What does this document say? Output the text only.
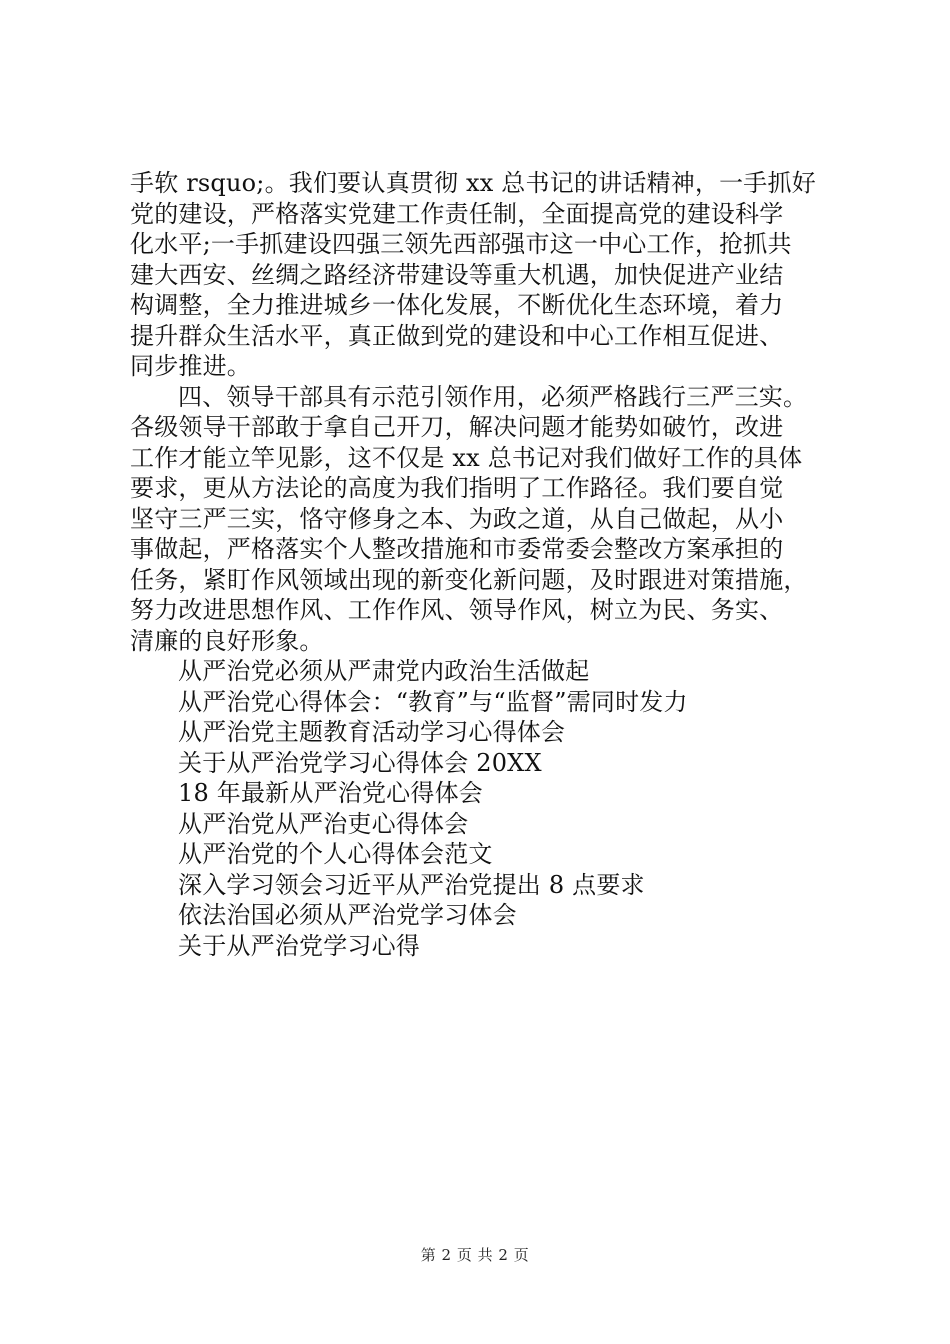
手软 rsquo;。我们要认真贯彻 xx 总书记的讲话精神，一手抓好
党的建设，严格落实党建工作责任制，全面提高党的建设科学
化水平;一手抓建设四强三领先西部强市这一中心工作，抢抓共
建大西安、丝绸之路经济带建设等重大机遇，加快促进产业结
构调整，全力推进城乡一体化发展，不断优化生态环境，着力
提升群众生活水平，真正做到党的建设和中心工作相互促进、
同步推进。
四、领导干部具有示范引领作用，必须严格践行三严三实。
各级领导干部敢于拿自己开刀，解决问题才能势如破竹，改进
工作才能立竿见影，这不仅是 xx 总书记对我们做好工作的具体
要求，更从方法论的高度为我们指明了工作路径。我们要自觉
坚守三严三实，恪守修身之本、为政之道，从自己做起，从小
事做起，严格落实个人整改措施和市委常委会整改方案承担的
任务，紧盯作风领域出现的新变化新问题，及时跟进对策措施，
努力改进思想作风、工作作风、领导作风，树立为民、务实、
清廉的良好形象。
从严治党必须从严肃党内政治生活做起
从严治党心得体会：“教育”与“监督”需同时发力
从严治党主题教育活动学习心得体会
关于从严治党学习心得体会 20XX
18 年最新从严治党心得体会
从严治党从严治吏心得体会
从严治党的个人心得体会范文
深入学习领会习近平从严治党提出 8 点要求
依法治国必须从严治党学习体会
关于从严治党学习心得
第 2 页 共 2 页
